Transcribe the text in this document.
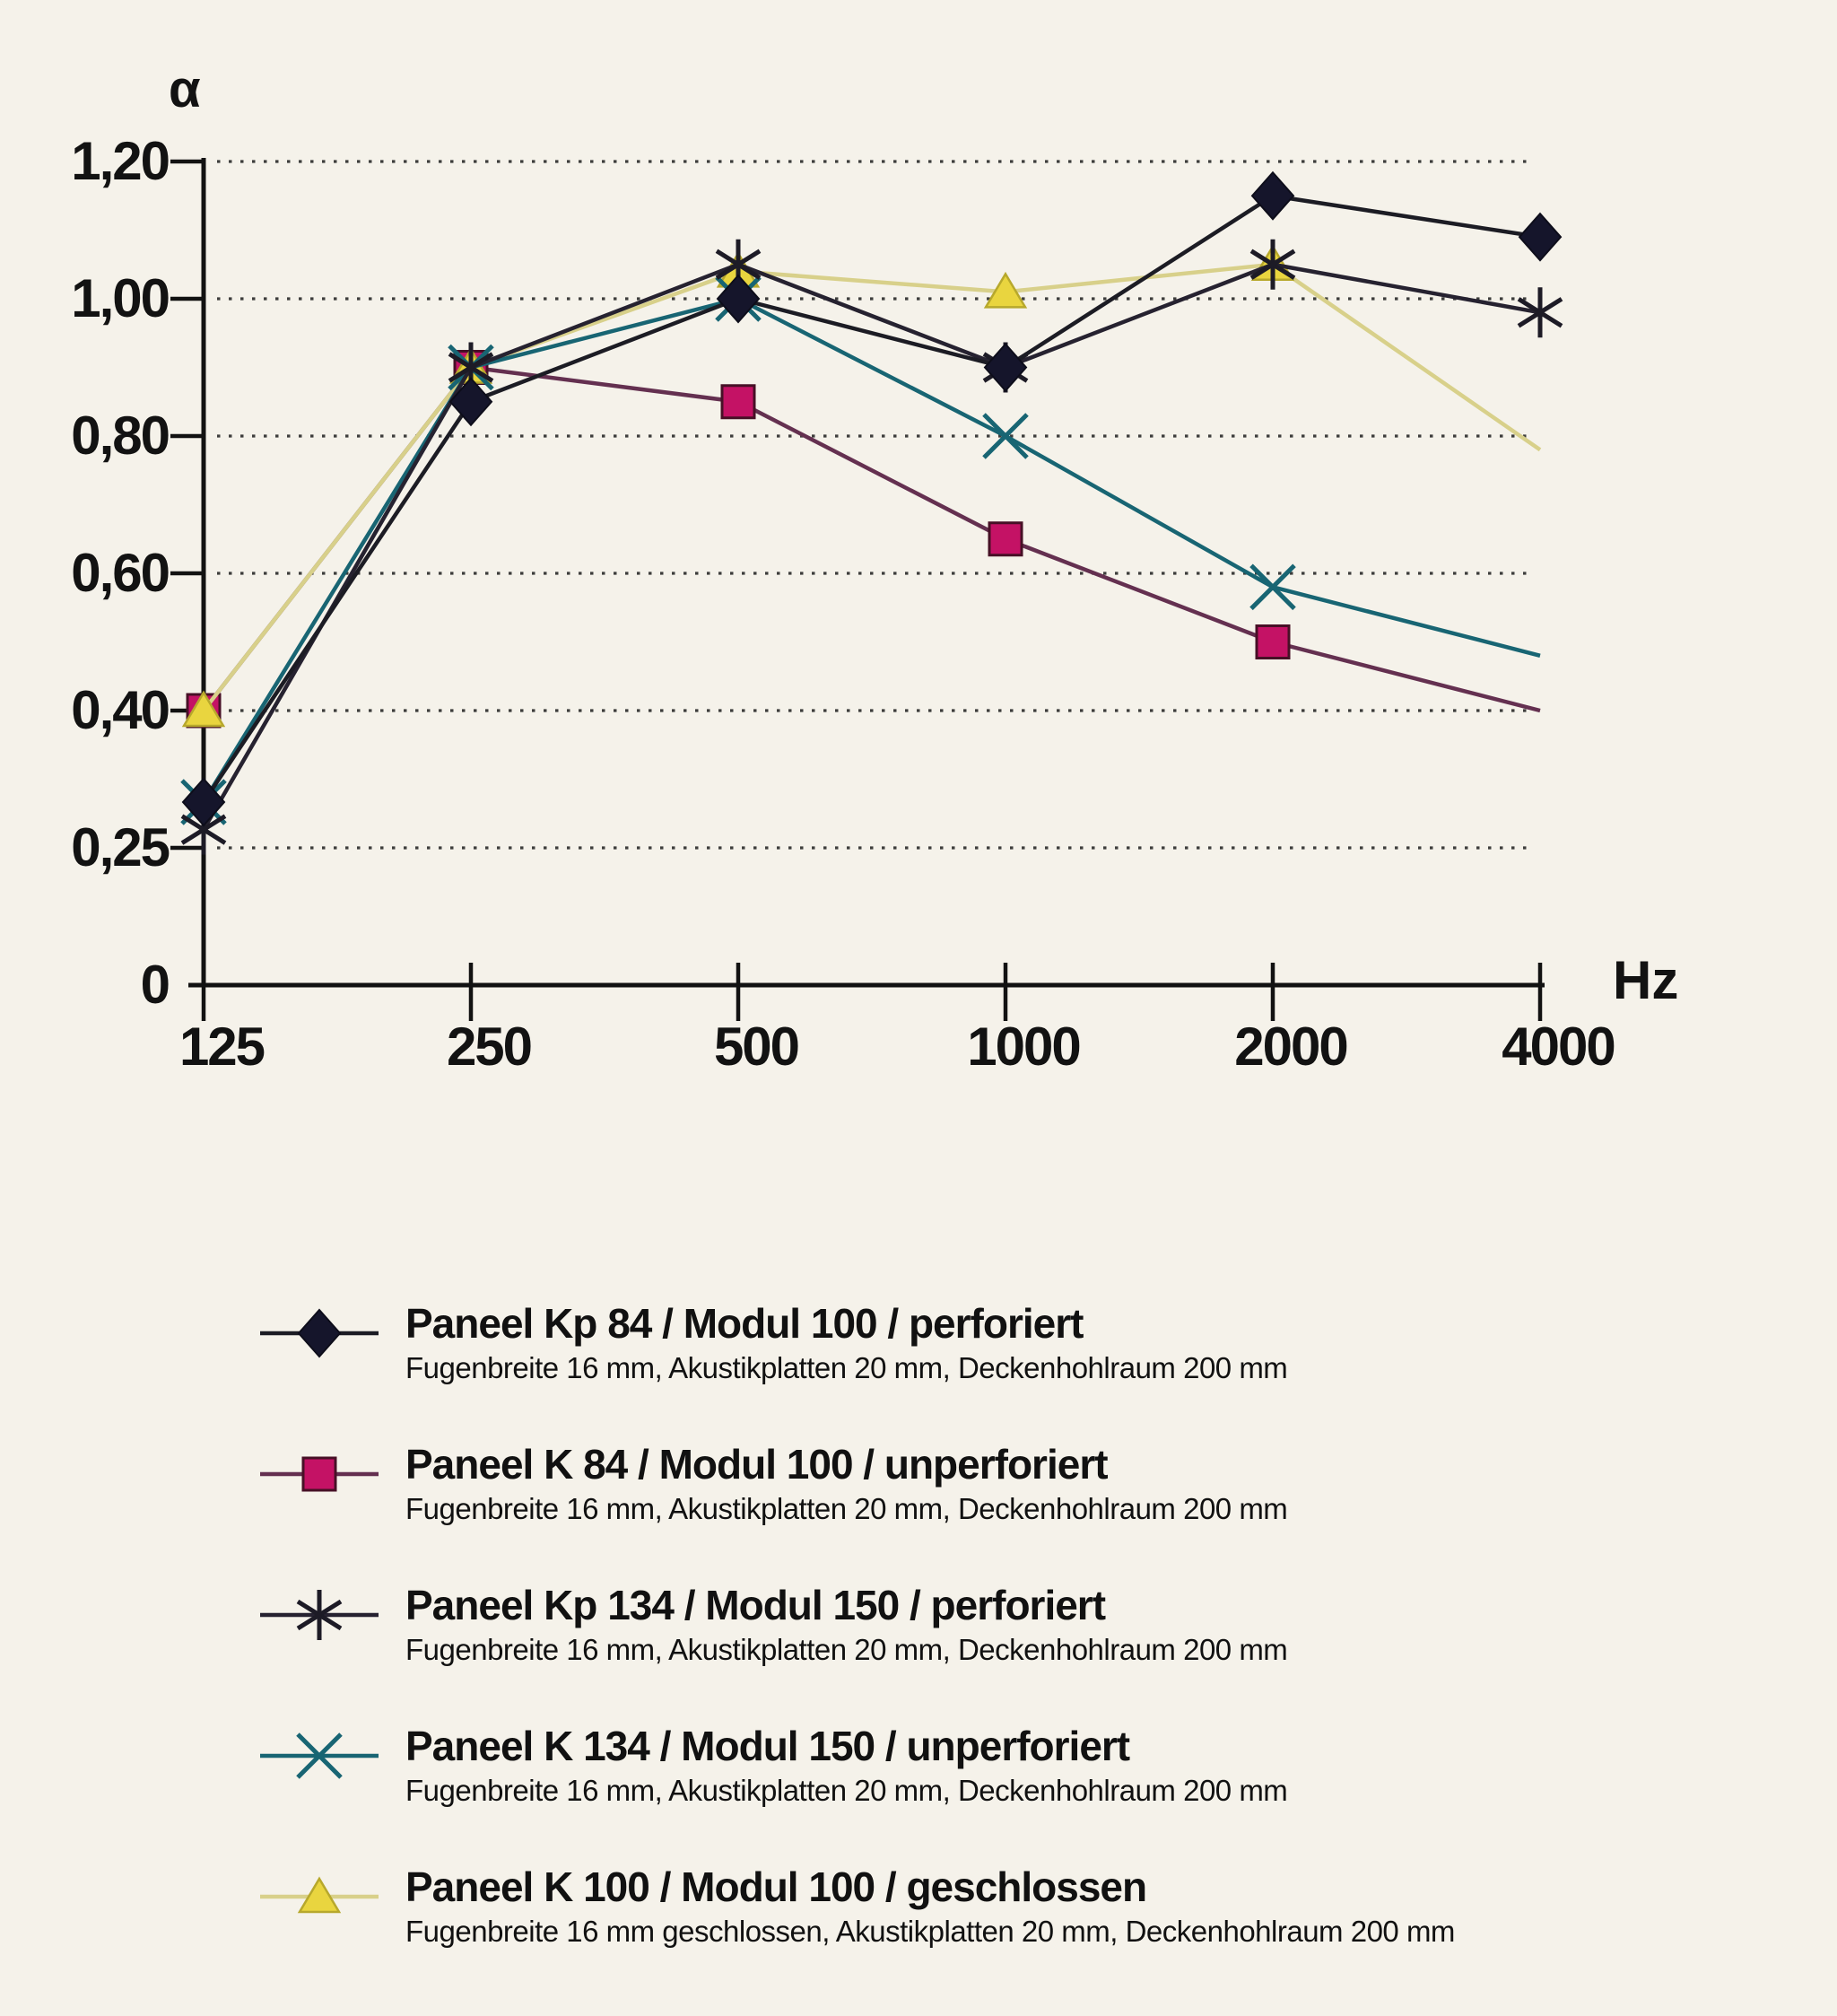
α
1,20
1,00
0,80
0,60
0,40
0,25
0
125	250	500	1000	2000	4000
Hz
Paneel Kp 84 / Modul 100 / perforiert
Fugenbreite 16 mm, Akustikplatten 20 mm, Deckenhohlraum 200 mm
Paneel K 84 / Modul 100 / unperforiert
Fugenbreite 16 mm, Akustikplatten 20 mm, Deckenhohlraum 200 mm
Paneel Kp 134 / Modul 150 / perforiert
Fugenbreite 16 mm, Akustikplatten 20 mm, Deckenhohlraum 200 mm
Paneel K 134 / Modul 150 / unperforiert
Fugenbreite 16 mm, Akustikplatten 20 mm, Deckenhohlraum 200 mm
Paneel K 100 / Modul 100 / geschlossen
Fugenbreite 16 mm geschlossen, Akustikplatten 20 mm, Deckenhohlraum 200 mm
